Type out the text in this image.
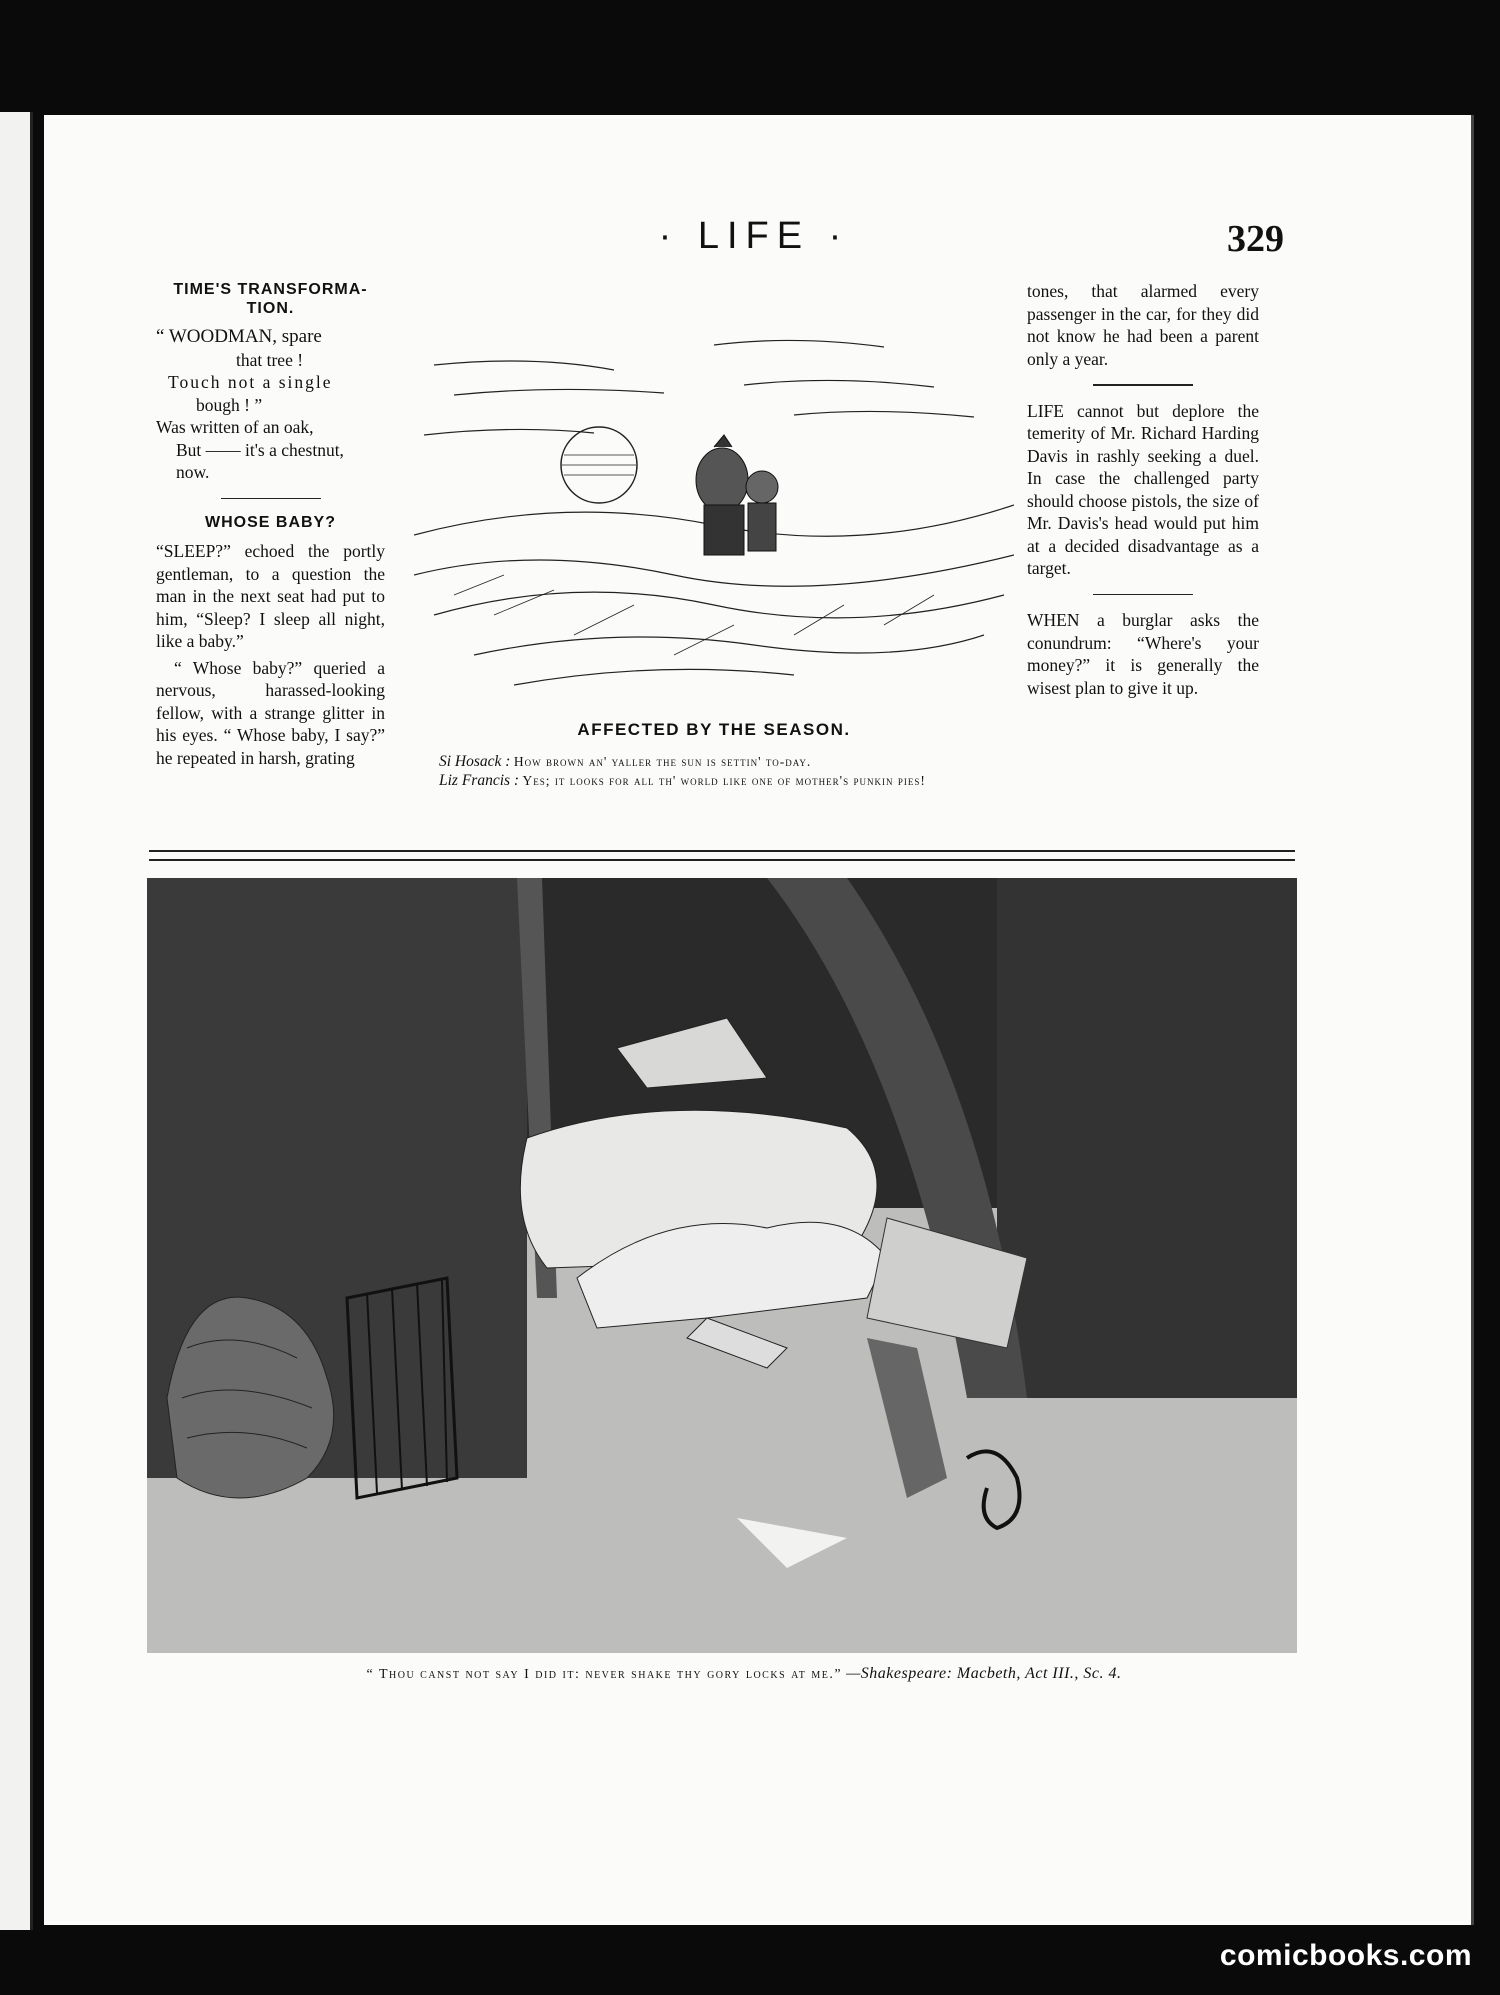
· LIFE ·	329
TIME'S TRANSFORMA-TION.
“ WOODMAN, spare
that tree !
Touch not a single
bough ! ”
Was written of an oak,
But —— it's a chestnut,
now.
WHOSE BABY?

“SLEEP?” echoed the portly gentleman, to a question the man in the next seat had put to him, “Sleep? I sleep all night, like a baby.”

“ Whose baby?” queried a nervous, harassed-looking fellow, with a strange glitter in his eyes. “ Whose baby, I say?” he repeated in harsh, grating

AFFECTED BY THE SEASON.
Si Hosack : How brown an' yaller the sun is settin' to-day.
Liz Francis : Yes; it looks for all th' world like one of mother's punkin pies!

tones, that alarmed every passenger in the car, for they did not know he had been a parent only a year.

LIFE cannot but deplore the temerity of Mr. Richard Harding Davis in rashly seeking a duel. In case the challenged party should choose pistols, the size of Mr. Davis's head would put him at a decided disadvantage as a target.

WHEN a burglar asks the conundrum: “Where's your money?” it is generally the wisest plan to give it up.

“ Thou canst not say I did it: never shake thy gory locks at me.” —Shakespeare: Macbeth, Act III., Sc. 4.
comicbooks.com
